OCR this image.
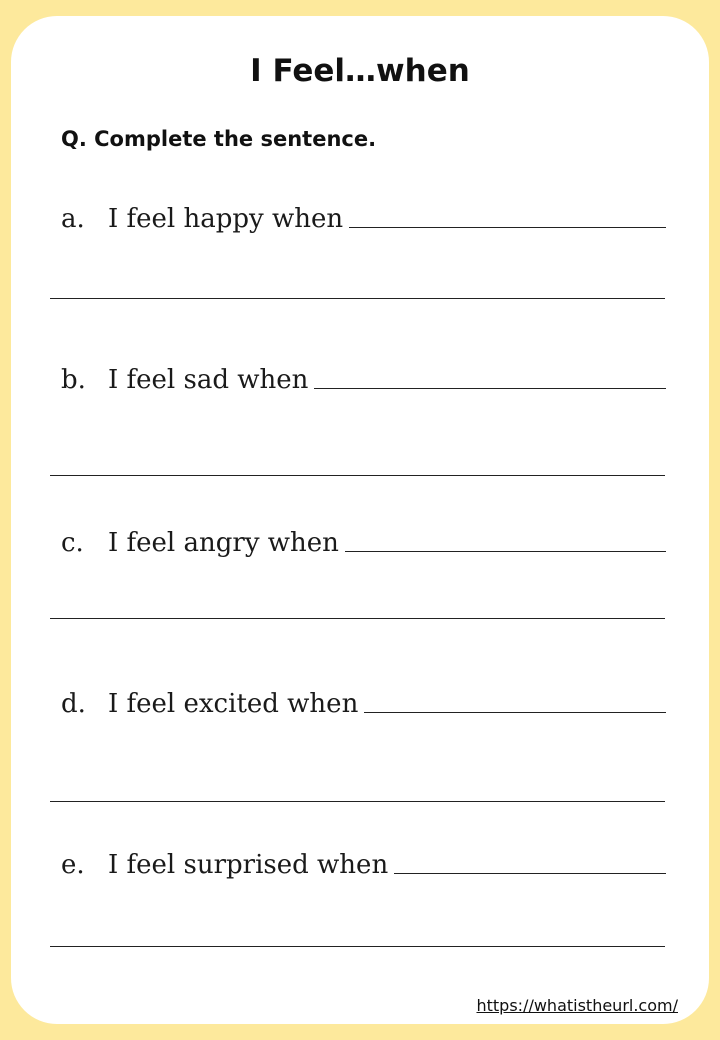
I Feel…when

Q. Complete the sentence.

a. I feel happy when
b. I feel sad when
c. I feel angry when
d. I feel excited when
e. I feel surprised when
https://whatistheurl.com/
